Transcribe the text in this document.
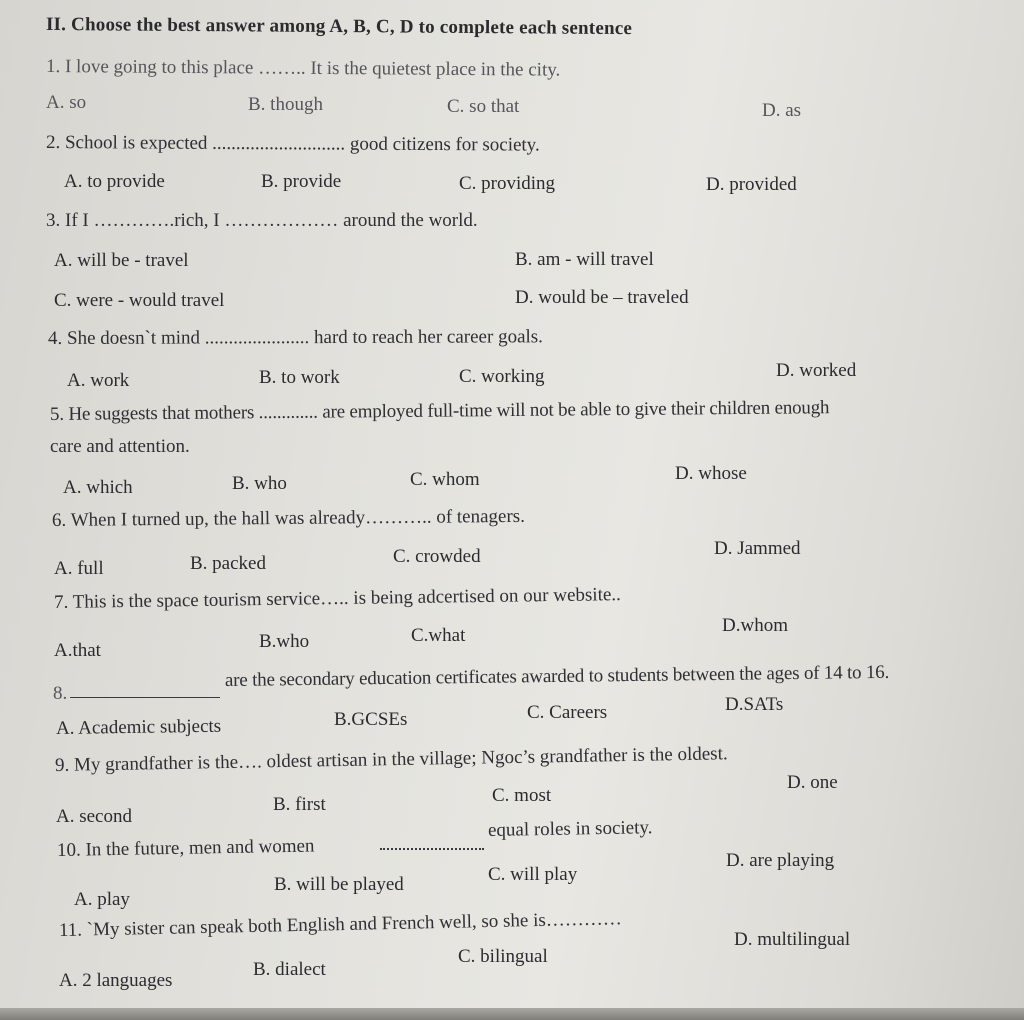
II. Choose the best answer among A, B, C, D to complete each sentence
1. I love going to this place …….. It is the quietest place in the city.
A. so	B. though	C. so that	D. as
2. School is expected ............................ good citizens for society.
A. to provide	B. provide	C. providing	D. provided
3. If I ………….rich, I ……………… around the world.
A. will be - travel	B. am - will travel
C. were - would travel	D. would be – traveled
4. She doesn`t mind ...................... hard to reach her career goals.
A. work	B. to work	C. working	D. worked
5. He suggests that mothers ............. are employed full-time will not be able to give their children enough
care and attention.
A. which	B. who	C. whom	D. whose
6. When I turned up, the hall was already……….. of tenagers.
A. full	B. packed	C. crowded	D. Jammed
7. This is the space tourism service….. is being adcertised on our website..
A.that	B.who	C.what	D.whom
8.
are the secondary education certificates awarded to students between the ages of 14 to 16.
A. Academic subjects	B.GCSEs	C. Careers	D.SATs
9. My grandfather is the…. oldest artisan in the village; Ngoc’s grandfather is the oldest.
A. second
B. first	C. most
D. one
10. In the future, men and women
equal roles in society.
A. play
B. will be played	C. will play
D. are playing
11. `My sister can speak both English and French well, so she is…………
A. 2 languages
B. dialect
C. bilingual
D. multilingual
